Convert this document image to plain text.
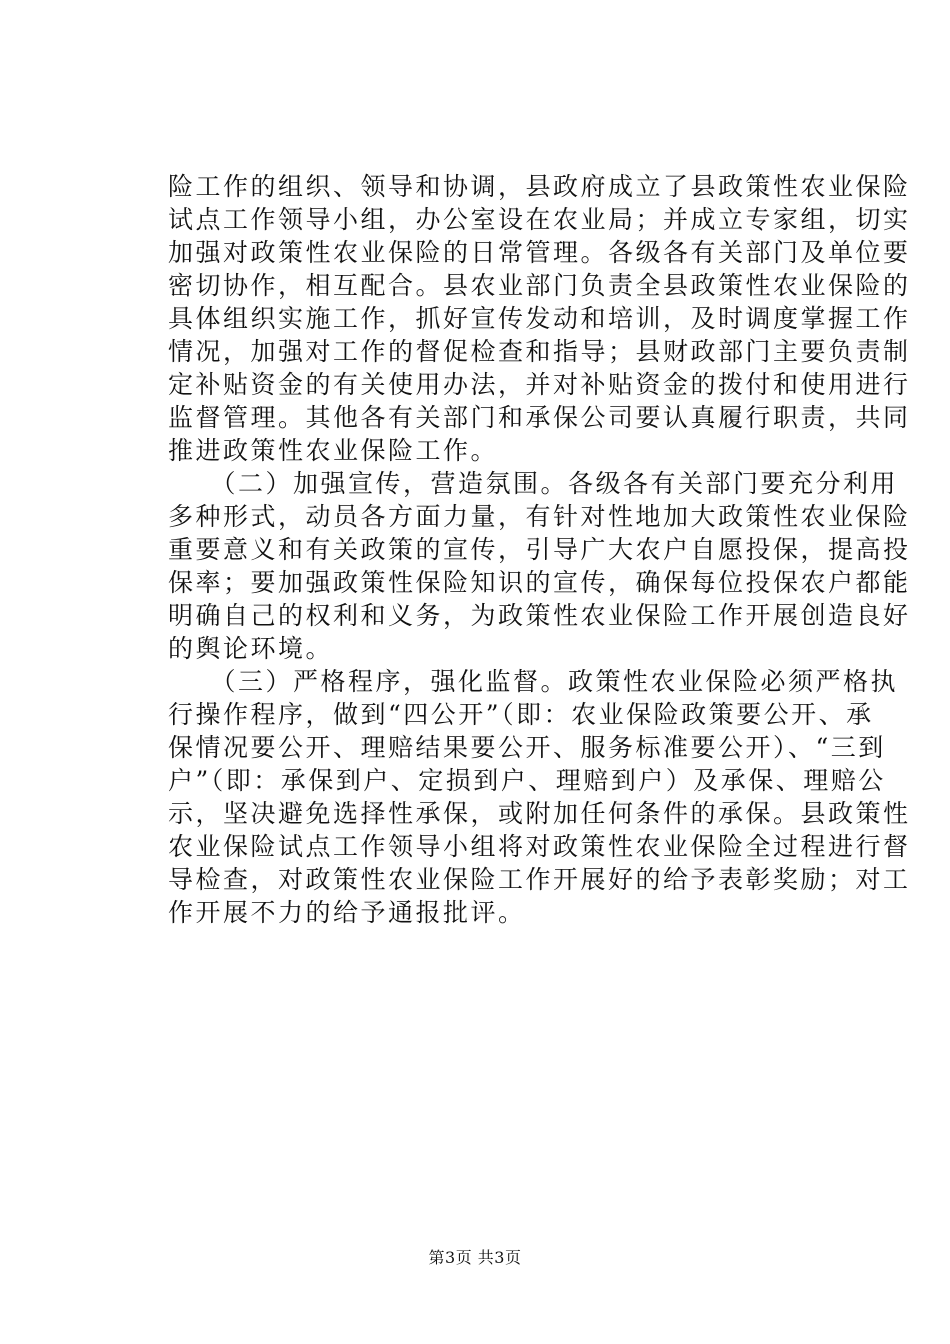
险工作的组织、领导和协调，县政府成立了县政策性农业保险
试点工作领导小组，办公室设在农业局；并成立专家组，切实
加强对政策性农业保险的日常管理。各级各有关部门及单位要
密切协作，相互配合。县农业部门负责全县政策性农业保险的
具体组织实施工作，抓好宣传发动和培训，及时调度掌握工作
情况，加强对工作的督促检查和指导；县财政部门主要负责制
定补贴资金的有关使用办法，并对补贴资金的拨付和使用进行
监督管理。其他各有关部门和承保公司要认真履行职责，共同
推进政策性农业保险工作。
　　（二）加强宣传，营造氛围。各级各有关部门要充分利用
多种形式，动员各方面力量，有针对性地加大政策性农业保险
重要意义和有关政策的宣传，引导广大农户自愿投保，提高投
保率；要加强政策性保险知识的宣传，确保每位投保农户都能
明确自己的权利和义务，为政策性农业保险工作开展创造良好
的舆论环境。
　　（三）严格程序，强化监督。政策性农业保险必须严格执
行操作程序，做到“四公开”（即：农业保险政策要公开、承
保情况要公开、理赔结果要公开、服务标准要公开）、“三到
户”（即：承保到户、定损到户、理赔到户）及承保、理赔公
示，坚决避免选择性承保，或附加任何条件的承保。县政策性
农业保险试点工作领导小组将对政策性农业保险全过程进行督
导检查，对政策性农业保险工作开展好的给予表彰奖励；对工
作开展不力的给予通报批评。
第3页 共3页
